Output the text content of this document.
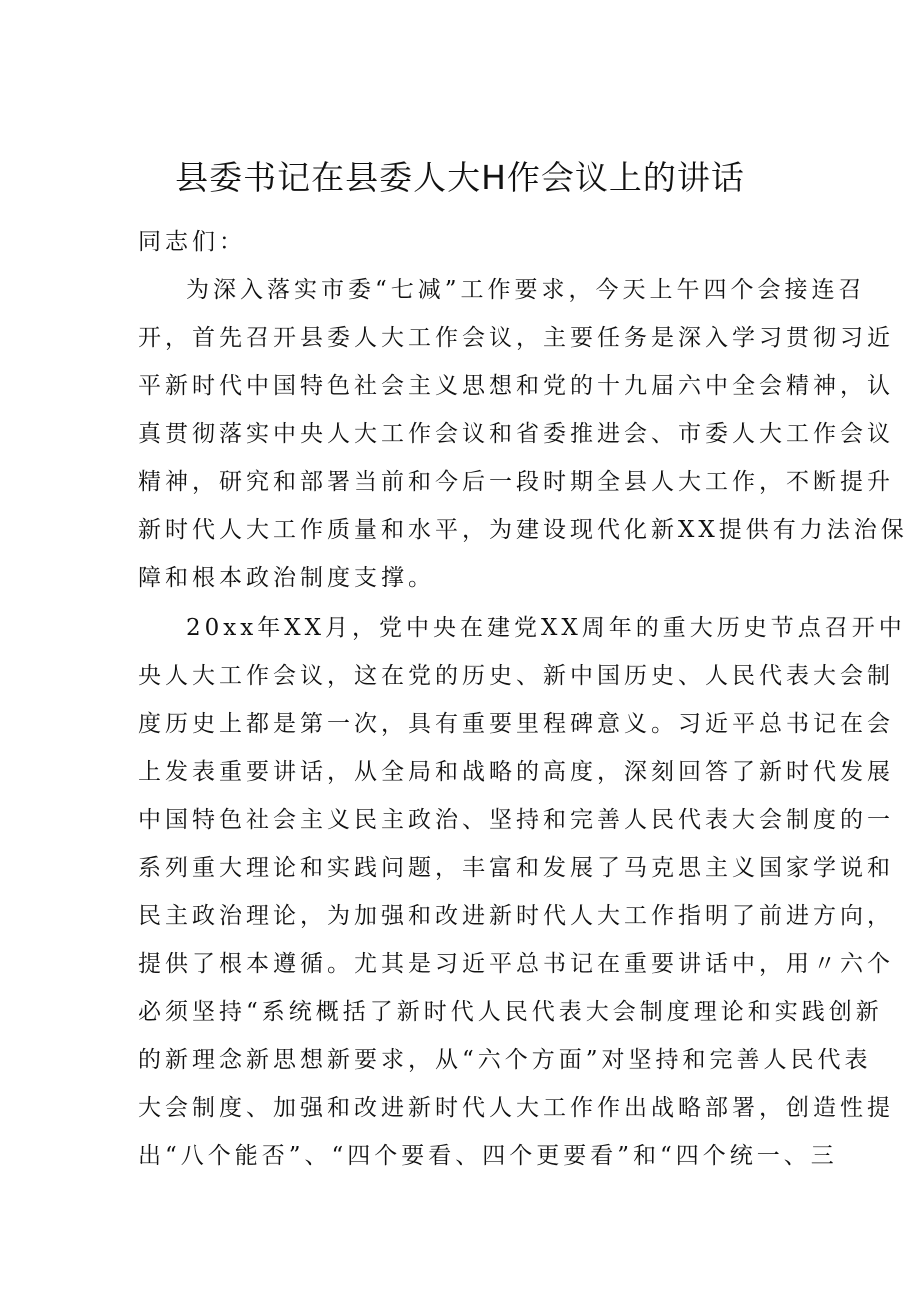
县委书记在县委人大H作会议上的讲话
同志们：
为深入落实市委“七减”工作要求，今天上午四个会接连召
开，首先召开县委人大工作会议，主要任务是深入学习贯彻习近
平新时代中国特色社会主义思想和党的十九届六中全会精神，认
真贯彻落实中央人大工作会议和省委推进会、市委人大工作会议
精神，研究和部署当前和今后一段时期全县人大工作，不断提升
新时代人大工作质量和水平，为建设现代化新XX提供有力法治保
障和根本政治制度支撑。
20xx年XX月，党中央在建党XX周年的重大历史节点召开中
央人大工作会议，这在党的历史、新中国历史、人民代表大会制
度历史上都是第一次，具有重要里程碑意义。习近平总书记在会
上发表重要讲话，从全局和战略的高度，深刻回答了新时代发展
中国特色社会主义民主政治、坚持和完善人民代表大会制度的一
系列重大理论和实践问题，丰富和发展了马克思主义国家学说和
民主政治理论，为加强和改进新时代人大工作指明了前进方向，
提供了根本遵循。尤其是习近平总书记在重要讲话中，用〃六个
必须坚持“系统概括了新时代人民代表大会制度理论和实践创新
的新理念新思想新要求，从“六个方面”对坚持和完善人民代表
大会制度、加强和改进新时代人大工作作出战略部署，创造性提
出“八个能否”、“四个要看、四个更要看”和“四个统一、三
